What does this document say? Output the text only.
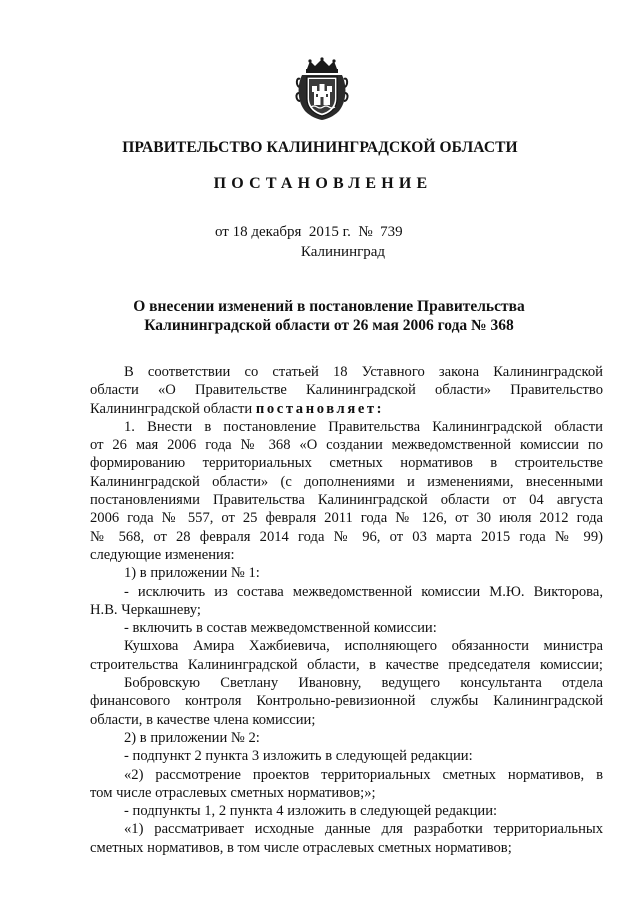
ПРАВИТЕЛЬСТВО КАЛИНИНГРАДСКОЙ ОБЛАСТИ
ПОСТАНОВЛЕНИЕ
от 18 декабря  2015 г. № 739
Калининград
О внесении изменений в постановление Правительства
Калининградской области от 26 мая 2006 года № 368

В соответствии со статьей 18 Уставного закона Калининградской

области «О Правительстве Калининградской области» Правительство

Калининградской области постановляет:

1. Внести в постановление Правительства Калининградской области

от 26 мая 2006 года № 368 «О создании межведомственной комиссии по

формированию территориальных сметных нормативов в строительстве

Калининградской области» (с дополнениями и изменениями, внесенными

постановлениями Правительства Калининградской области от 04 августа

2006 года № 557, от 25 февраля 2011 года № 126, от 30 июля 2012 года

№ 568, от 28 февраля 2014 года № 96, от 03 марта 2015 года № 99)

следующие изменения:

1) в приложении № 1:

- исключить из состава межведомственной комиссии М.Ю. Викторова,

Н.В. Черкашневу;

- включить в состав межведомственной комиссии:

Кушхова Амира Хажбиевича, исполняющего обязанности министра

строительства Калининградской области, в качестве председателя комиссии;

Бобровскую Светлану Ивановну, ведущего консультанта отдела

финансового контроля Контрольно-ревизионной службы Калининградской

области, в качестве члена комиссии;

2) в приложении № 2:

- подпункт 2 пункта 3 изложить в следующей редакции:

«2) рассмотрение проектов территориальных сметных нормативов, в

том числе отраслевых сметных нормативов;»;

- подпункты 1, 2 пункта 4 изложить в следующей редакции:

«1) рассматривает исходные данные для разработки территориальных

сметных нормативов, в том числе отраслевых сметных нормативов;
